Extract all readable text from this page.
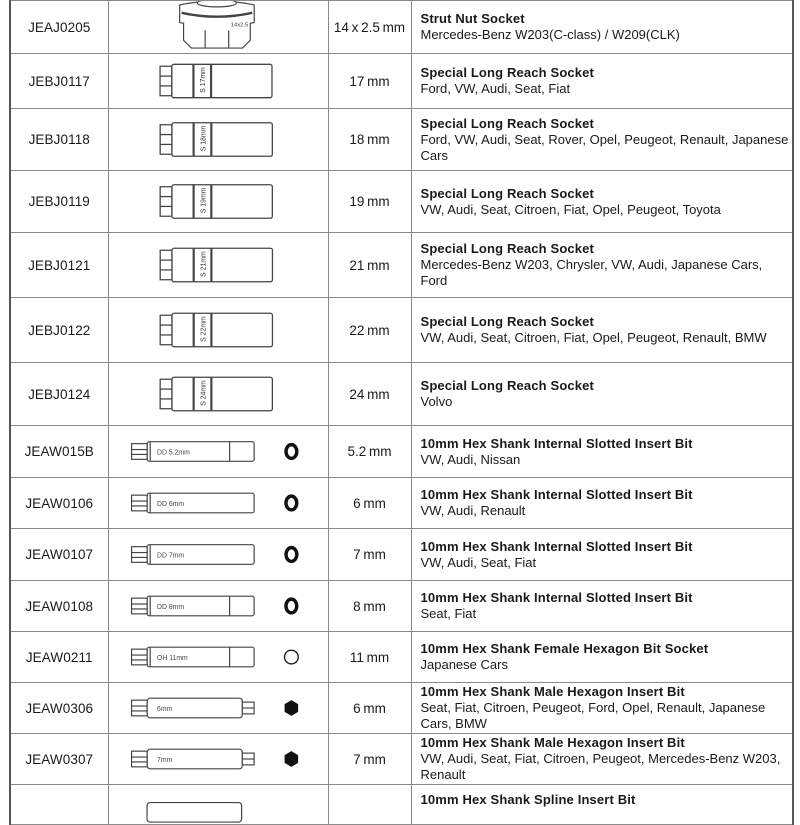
JEAJ0205	14x2.5	14 x 2.5 mm	Strut Nut Socket
Mercedes-Benz W203(C-class) / W209(CLK)

JEBJ0117	S 17mm	17 mm	Special Long Reach Socket
Ford, VW, Audi, Seat, Fiat

JEBJ0118	S 18mm	18 mm	Special Long Reach Socket
Ford, VW, Audi, Seat, Rover, Opel, Peugeot, Renault, Japanese Cars

JEBJ0119	S 19mm	19 mm	Special Long Reach Socket
VW, Audi, Seat, Citroen, Fiat, Opel, Peugeot, Toyota

JEBJ0121	S 21mm	21 mm	Special Long Reach Socket
Mercedes-Benz W203, Chrysler, VW, Audi, Japanese Cars, Ford

JEBJ0122	S 22mm	22 mm	Special Long Reach Socket
VW, Audi, Seat, Citroen, Fiat, Opel, Peugeot, Renault, BMW

JEBJ0124	S 24mm	24 mm	Special Long Reach Socket
Volvo

JEAW015B	DD 5.2mm	5.2 mm	10mm Hex Shank Internal Slotted Insert Bit
VW, Audi, Nissan

JEAW0106	DD 6mm	6 mm	10mm Hex Shank Internal Slotted Insert Bit
VW, Audi, Renault

JEAW0107	DD 7mm	7 mm	10mm Hex Shank Internal Slotted Insert Bit
VW, Audi, Seat, Fiat

JEAW0108	DD 8mm	8 mm	10mm Hex Shank Internal Slotted Insert Bit
Seat, Fiat

JEAW0211	OH 11mm	11 mm	10mm Hex Shank Female Hexagon Bit Socket
Japanese Cars

JEAW0306	6mm	6 mm	10mm Hex Shank Male Hexagon Insert Bit
Seat, Fiat, Citroen, Peugeot, Ford, Opel, Renault, Japanese Cars, BMW

JEAW0307	7mm	7 mm	10mm Hex Shank Male Hexagon Insert Bit
VW, Audi, Seat, Fiat, Citroen, Peugeot, Mercedes-Benz W203, Renault

10mm Hex Shank Spline Insert Bit
